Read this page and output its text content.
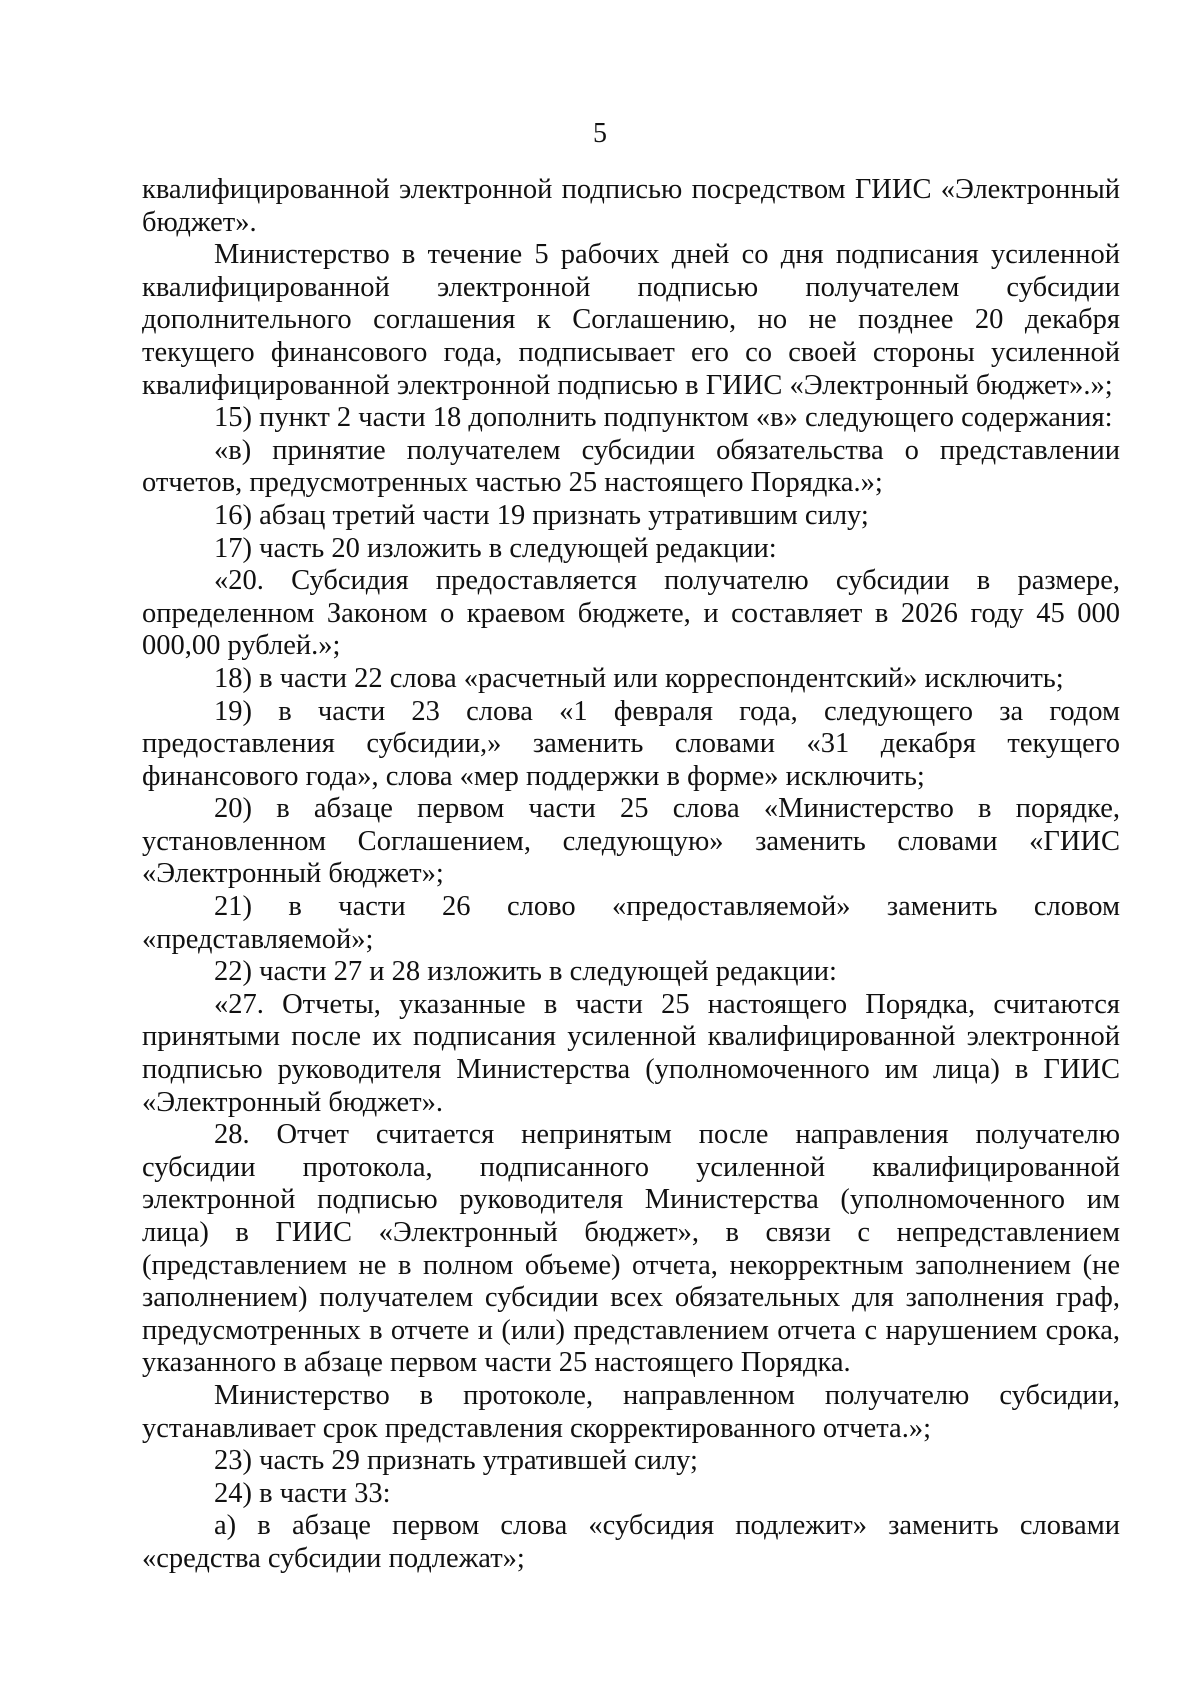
5

квалифицированной электронной подписью посредством ГИИС «Электронный бюджет».

Министерство в течение 5 рабочих дней со дня подписания усиленной квалифицированной электронной подписью получателем субсидии дополнительного соглашения к Соглашению, но не позднее 20 декабря текущего финансового года, подписывает его со своей стороны усиленной квалифицированной электронной подписью в ГИИС «Электронный бюджет».»;

15) пункт 2 части 18 дополнить подпунктом «в» следующего содержания:

«в) принятие получателем субсидии обязательства о представлении отчетов, предусмотренных частью 25 настоящего Порядка.»;

16) абзац третий части 19 признать утратившим силу;

17) часть 20 изложить в следующей редакции:

«20. Субсидия предоставляется получателю субсидии в размере, определенном Законом о краевом бюджете, и составляет в 2026 году 45 000 000,00 рублей.»;

18) в части 22 слова «расчетный или корреспондентский» исключить;

19) в части 23 слова «1 февраля года, следующего за годом предоставления субсидии,» заменить словами «31 декабря текущего финансового года», слова «мер поддержки в форме» исключить;

20) в абзаце первом части 25 слова «Министерство в порядке, установленном Соглашением, следующую» заменить словами «ГИИС «Электронный бюджет»;

21) в части 26 слово «предоставляемой» заменить словом «представляемой»;

22) части 27 и 28 изложить в следующей редакции:

«27. Отчеты, указанные в части 25 настоящего Порядка, считаются принятыми после их подписания усиленной квалифицированной электронной подписью руководителя Министерства (уполномоченного им лица) в ГИИС «Электронный бюджет».

28. Отчет считается непринятым после направления получателю субсидии протокола, подписанного усиленной квалифицированной электронной подписью руководителя Министерства (уполномоченного им лица) в ГИИС «Электронный бюджет», в связи с непредставлением (представлением не в полном объеме) отчета, некорректным заполнением (не заполнением) получателем субсидии всех обязательных для заполнения граф, предусмотренных в отчете и (или) представлением отчета с нарушением срока, указанного в абзаце первом части 25 настоящего Порядка.

Министерство в протоколе, направленном получателю субсидии, устанавливает срок представления скорректированного отчета.»;

23) часть 29 признать утратившей силу;

24) в части 33:

а) в абзаце первом слова «субсидия подлежит» заменить словами «средства субсидии подлежат»;
